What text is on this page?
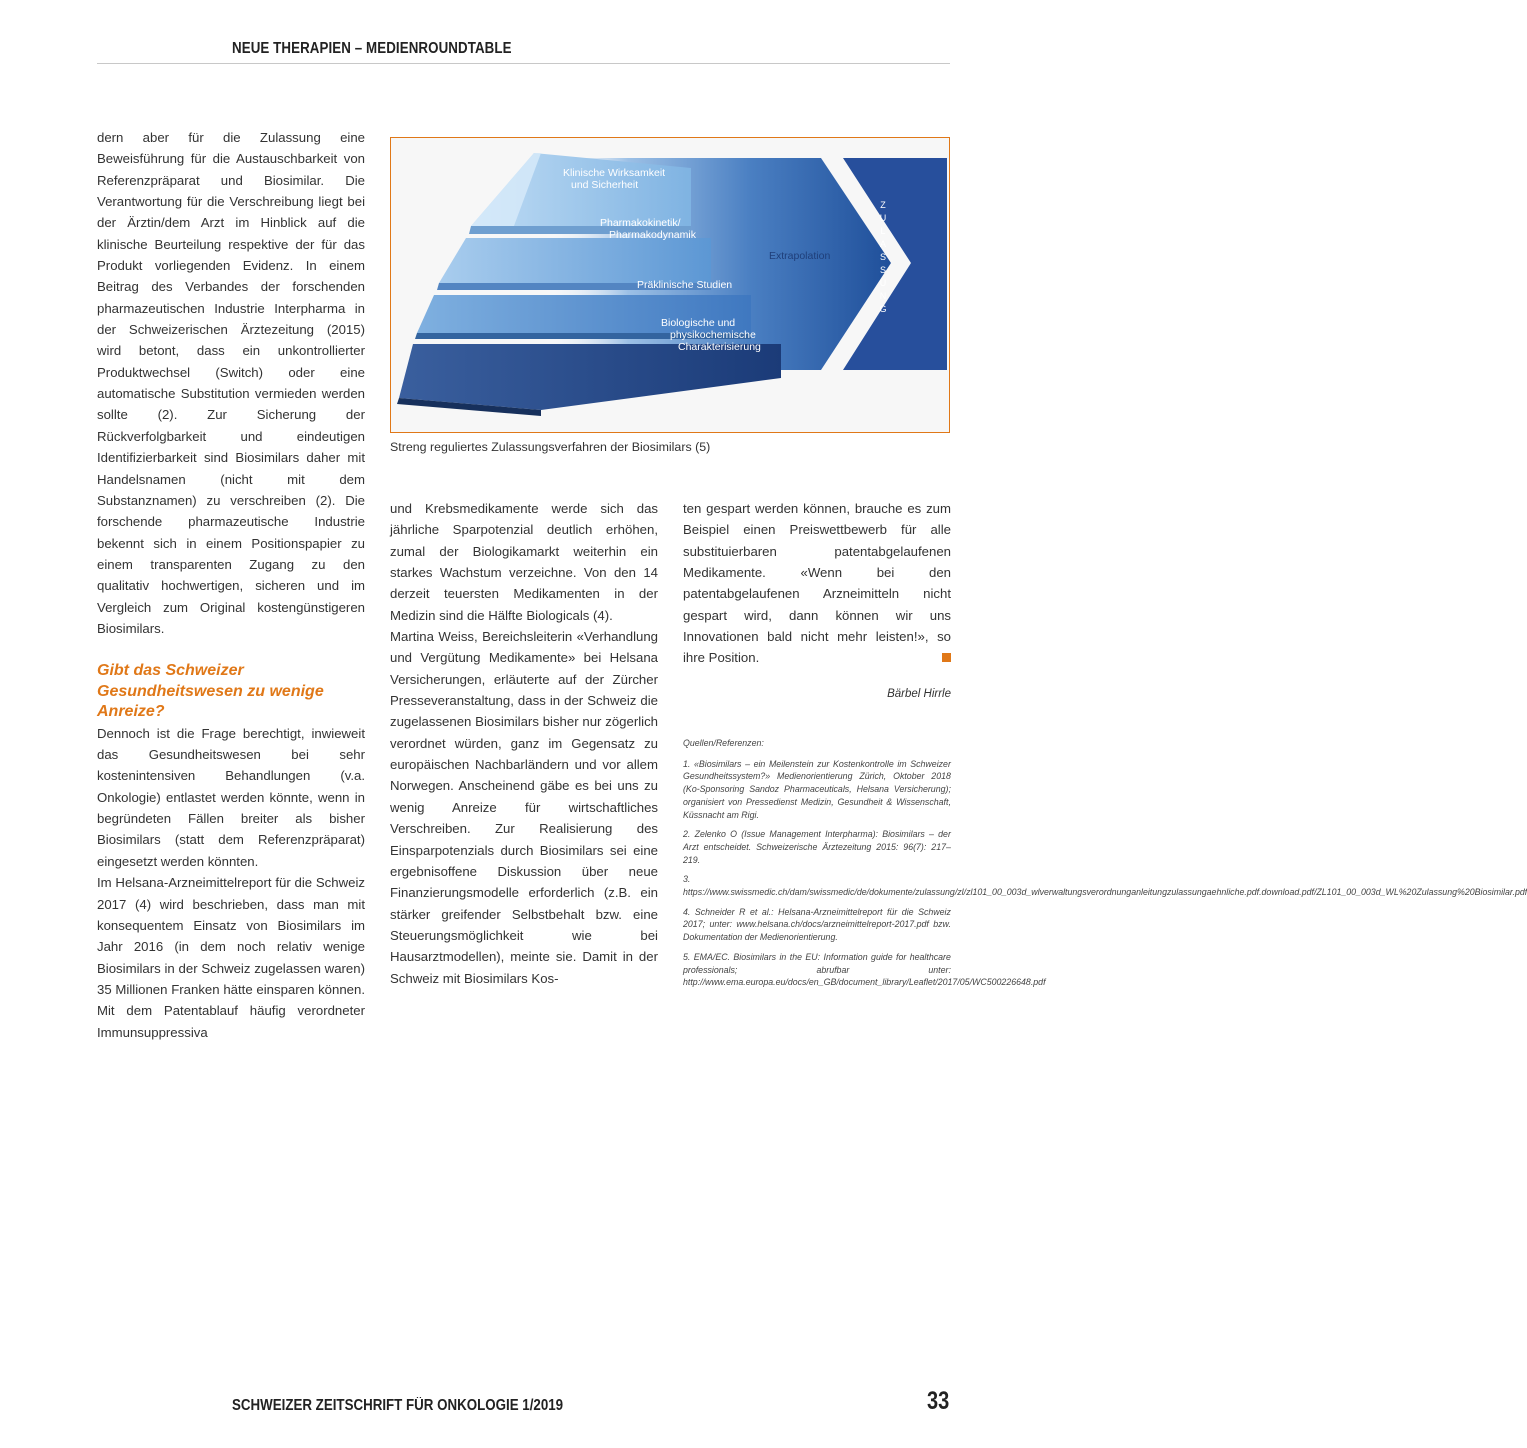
NEUE THERAPIEN – MEDIENROUNDTABLE

dern aber für die Zulassung eine Beweisführung für die Austauschbarkeit von Referenzpräparat und Biosimilar. Die Verantwortung für die Verschreibung liegt bei der Ärztin/dem Arzt im Hinblick auf die klinische Beurteilung respektive der für das Produkt vorliegenden Evidenz. In einem Beitrag des Verbandes der forschenden pharmazeutischen Industrie Interpharma in der Schweizerischen Ärztezeitung (2015) wird betont, dass ein unkontrollierter Produktwechsel (Switch) oder eine automatische Substitution vermieden werden sollte (2). Zur Sicherung der Rückverfolgbarkeit und eindeutigen Identifizierbarkeit sind Biosimilars daher mit Handelsnamen (nicht mit dem Substanznamen) zu verschreiben (2). Die forschende pharmazeutische Industrie bekennt sich in einem Positionspapier zu einem transparenten Zugang zu den qualitativ hochwertigen, sicheren und im Vergleich zum Original kostengünstigeren Biosimilars.

Gibt das Schweizer Gesundheitswesen zu wenige Anreize?

Dennoch ist die Frage berechtigt, inwieweit das Gesundheitswesen bei sehr kostenintensiven Behandlungen (v.a. Onkologie) entlastet werden könnte, wenn in begründeten Fällen breiter als bisher Biosimilars (statt dem Referenzpräparat) eingesetzt werden könnten.

Im Helsana-Arzneimittelreport für die Schweiz 2017 (4) wird beschrieben, dass man mit konsequentem Einsatz von Biosimilars im Jahr 2016 (in dem noch relativ wenige Biosimilars in der Schweiz zugelassen waren) 35 Millionen Franken hätte einsparen können. Mit dem Patentablauf häufig verordneter Immunsuppressiva

Klinische Wirksamkeit
und Sicherheit
Pharmakokinetik/
Pharmakodynamik
Präklinische Studien
Biologische und
physikochemische
Charakterisierung
Extrapolation
Z
U
L
A
S
S
U
N
G
Streng reguliertes Zulassungsverfahren der Biosimilars (5)

und Krebsmedikamente werde sich das jährliche Sparpotenzial deutlich erhöhen, zumal der Biologikamarkt weiterhin ein starkes Wachstum verzeichne. Von den 14 derzeit teuersten Medikamenten in der Medizin sind die Hälfte Biologicals (4).

Martina Weiss, Bereichsleiterin «Verhandlung und Vergütung Medikamente» bei Helsana Versicherungen, erläuterte auf der Zürcher Presseveranstaltung, dass in der Schweiz die zugelassenen Biosimilars bisher nur zögerlich verordnet würden, ganz im Gegensatz zu europäischen Nachbarländern und vor allem Norwegen. Anscheinend gäbe es bei uns zu wenig Anreize für wirtschaftliches Verschreiben. Zur Realisierung des Einsparpotenzials durch Biosimilars sei eine ergebnisoffene Diskussion über neue Finanzierungsmodelle erforderlich (z.B. ein stärker greifender Selbstbehalt bzw. eine Steuerungsmöglichkeit wie bei Hausarztmodellen), meinte sie. Damit in der Schweiz mit Biosimilars Kos-

ten gespart werden können, brauche es zum Beispiel einen Preiswettbewerb für alle substituierbaren patentabgelaufenen Medikamente. «Wenn bei den patentabgelaufenen Arzneimitteln nicht gespart wird, dann können wir uns Innovationen bald nicht mehr leisten!», so ihre Position.

Bärbel Hirrle

Quellen/Referenzen:

1. «Biosimilars – ein Meilenstein zur Kostenkontrolle im Schweizer Gesundheitssystem?» Medienorientierung Zürich, Oktober 2018 (Ko-Sponsoring Sandoz Pharmaceuticals, Helsana Versicherung); organisiert von Pressedienst Medizin, Gesundheit & Wissenschaft, Küssnacht am Rigi.

2. Zelenko O (Issue Management Interpharma): Biosimilars – der Arzt entscheidet. Schweizerische Ärztezeitung 2015: 96(7): 217–219.

3. https://www.swissmedic.ch/dam/swissmedic/de/dokumente/zulassung/zl/zl101_00_003d_wlverwaltungsverordnunganleitungzulassungaehnliche.pdf.download.pdf/ZL101_00_003d_WL%20Zulassung%20Biosimilar.pdf

4. Schneider R et al.: Helsana-Arzneimittelreport für die Schweiz 2017; unter: www.helsana.ch/docs/arzneimittelreport-2017.pdf bzw. Dokumentation der Medienorientierung.

5. EMA/EC. Biosimilars in the EU: Information guide for healthcare professionals; abrufbar unter: http://www.ema.europa.eu/docs/en_GB/document_library/Leaflet/2017/05/WC500226648.pdf

SCHWEIZER ZEITSCHRIFT FÜR ONKOLOGIE 1/2019	33
